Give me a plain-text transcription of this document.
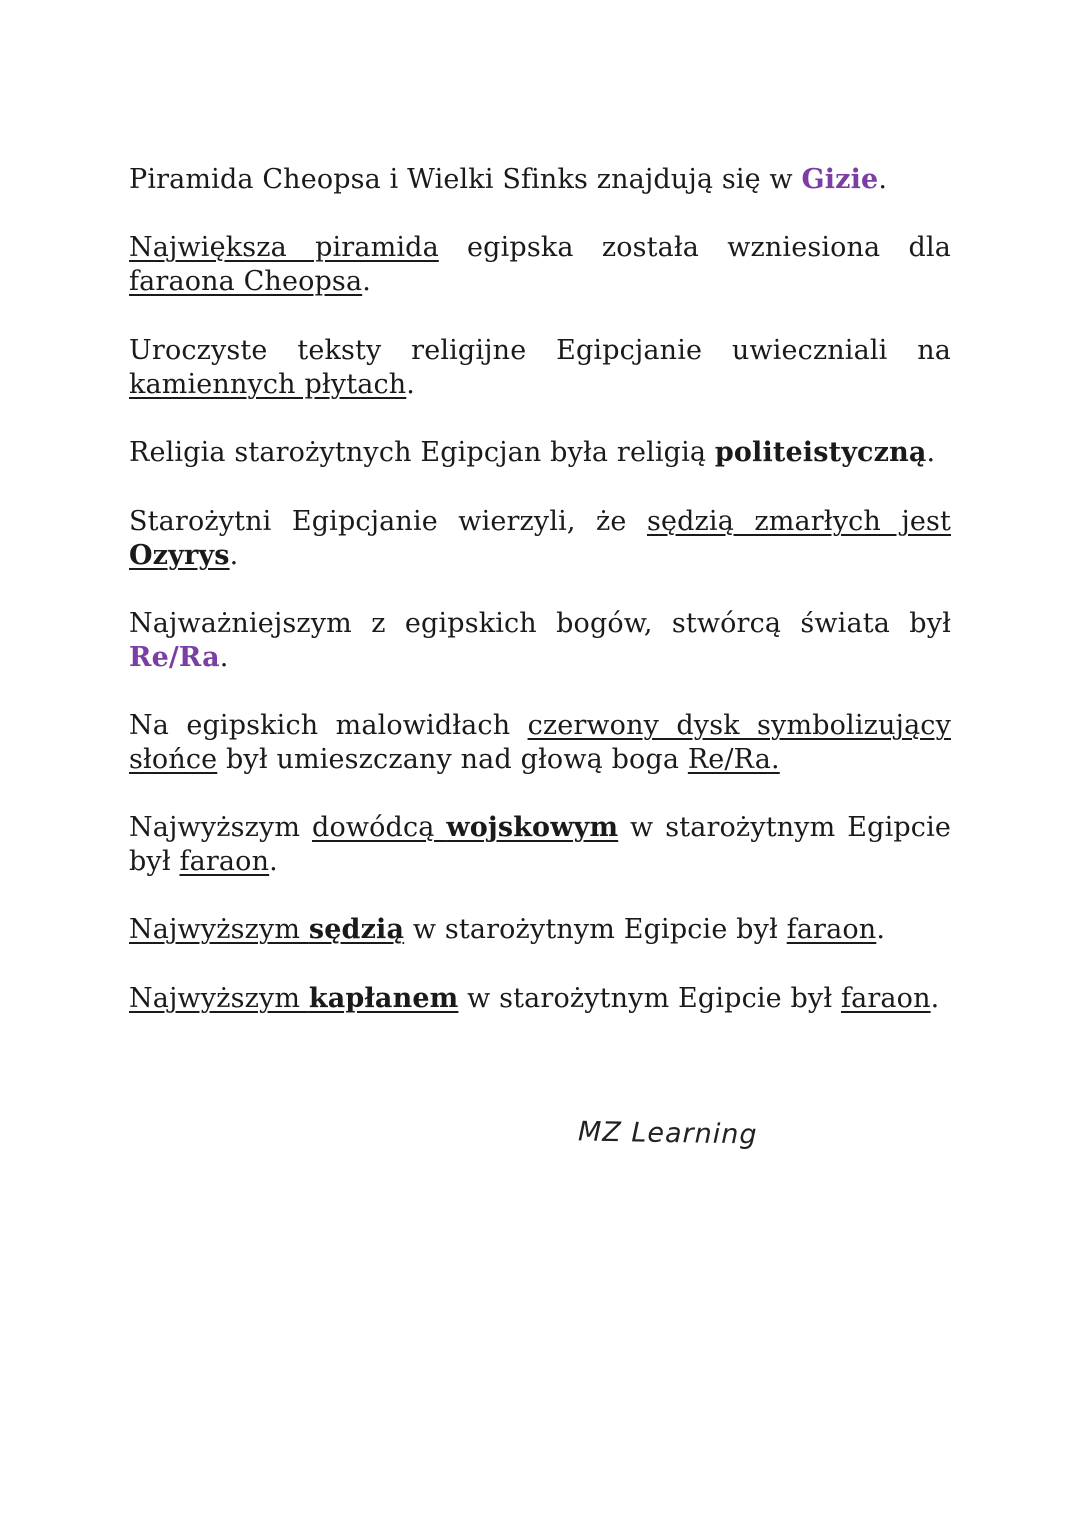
Piramida Cheopsa i Wielki Sfinks znajdują się w Gizie.

Największa piramida egipska została wzniesiona dla faraona Cheopsa.

Uroczyste teksty religijne Egipcjanie uwieczniali na kamiennych płytach.

Religia starożytnych Egipcjan była religią politeistyczną.

Starożytni Egipcjanie wierzyli, że sędzią zmarłych jest Ozyrys.

Najważniejszym z egipskich bogów, stwórcą świata był Re/Ra.

Na egipskich malowidłach czerwony dysk symbolizujący słońce był umieszczany nad głową boga Re/Ra.

Najwyższym dowódcą wojskowym w starożytnym Egipcie był faraon.

Najwyższym sędzią w starożytnym Egipcie był faraon.

Najwyższym kapłanem w starożytnym Egipcie był faraon.

MZ Learning
